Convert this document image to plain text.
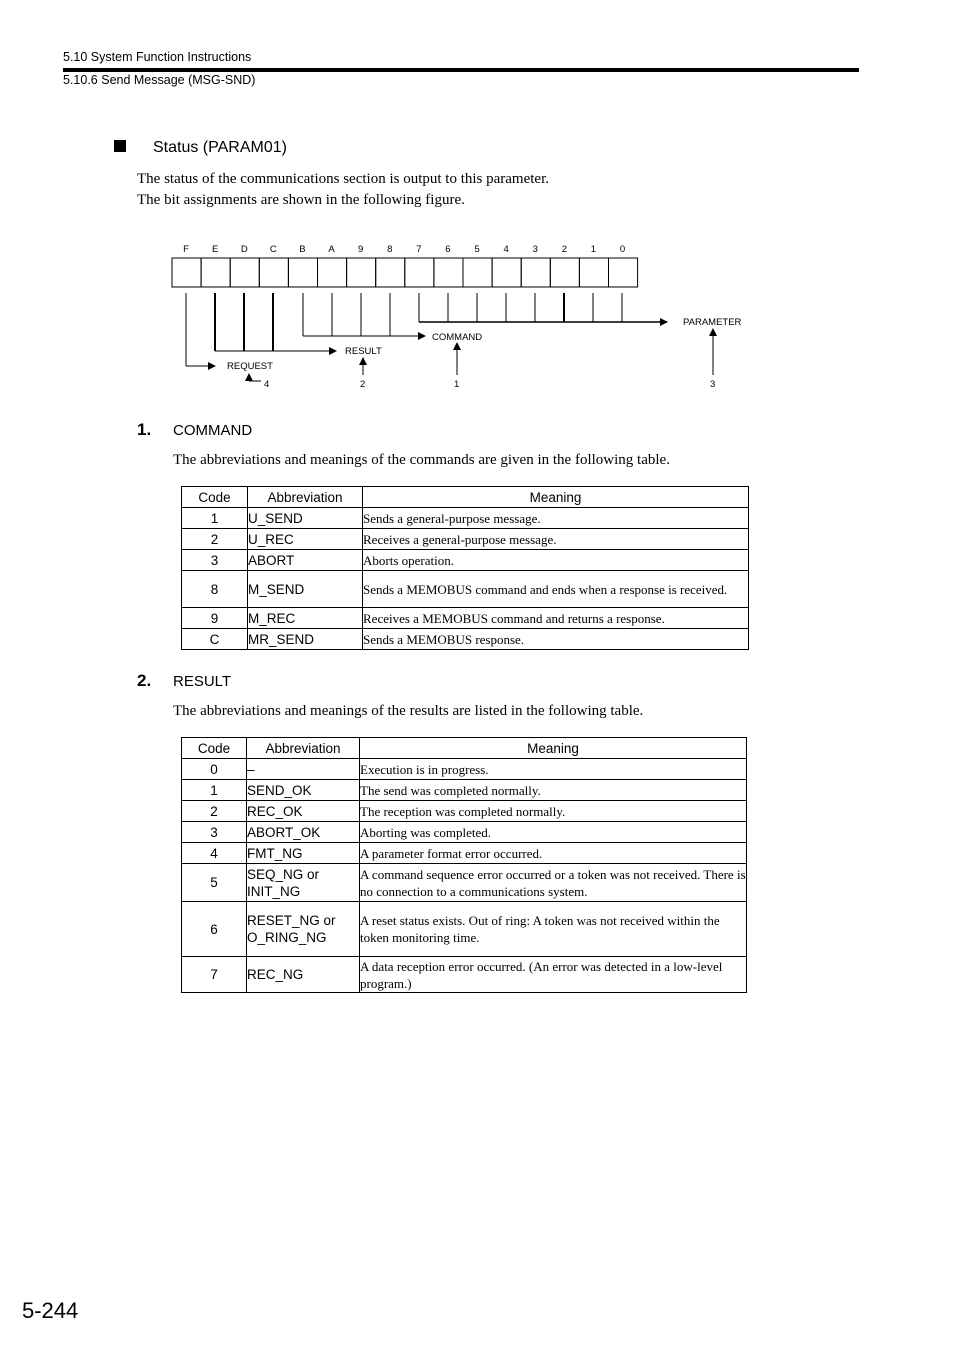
5.10 System Function Instructions
5.10.6 Send Message (MSG-SND)
Status (PARAM01)
The status of the communications section is output to this parameter.
The bit assignments are shown in the following figure.
F E D C B A 9	8	7	6	5	4	3	2	1	0
REQUEST
RESULT
COMMAND
PARAMETER
4	2	1	3
1. COMMAND
The abbreviations and meanings of the commands are given in the following table.
Code	Abbreviation	Meaning
1	U_SEND	Sends a general-purpose message.
2	U_REC	Receives a general-purpose message.
3	ABORT	Aborts operation.
8	M_SEND	Sends a MEMOBUS command and ends when a response is received.
9	M_REC	Receives a MEMOBUS command and returns a response.
C	MR_SEND	Sends a MEMOBUS response.
2. RESULT
The abbreviations and meanings of the results are listed in the following table.
Code	Abbreviation	Meaning
0	–	Execution is in progress.
1	SEND_OK	The send was completed normally.
2	REC_OK	The reception was completed normally.
3	ABORT_OK	Aborting was completed.
4	FMT_NG	A parameter format error occurred.
5	SEQ_NG or INIT_NG	A command sequence error occurred or a token was not received. There is no connection to a communications system.
6	RESET_NG or O_RING_NG	A reset status exists. Out of ring: A token was not received within the token monitoring time.
7	REC_NG	A data reception error occurred. (An error was detected in a low-level program.)
5-244
